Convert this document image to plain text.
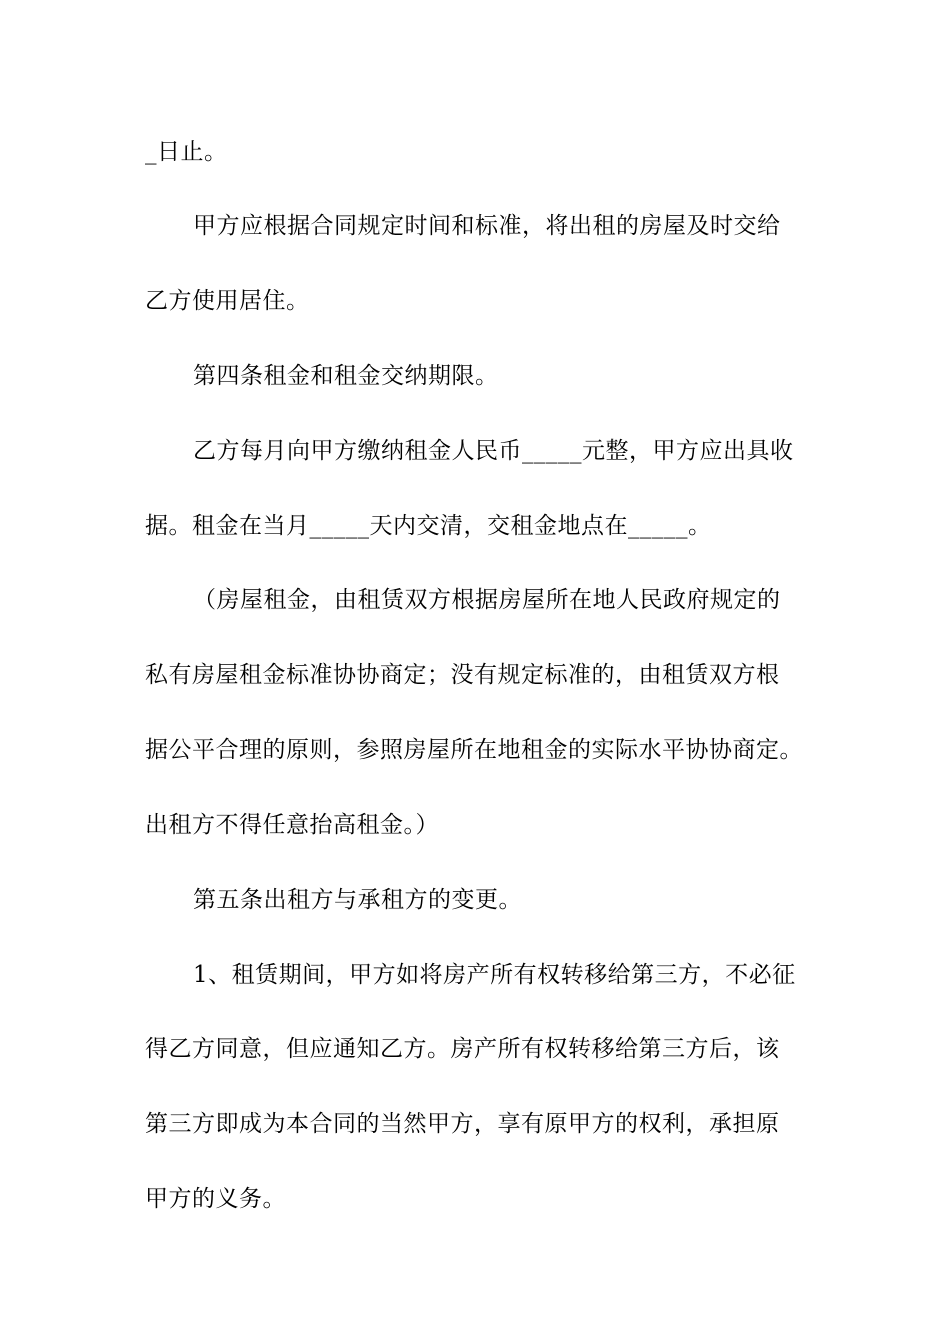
_日止。
甲方应根据合同规定时间和标准，将出租的房屋及时交给
乙方使用居住。
第四条租金和租金交纳期限。
乙方每月向甲方缴纳租金人民币_____元整，甲方应出具收
据。租金在当月_____天内交清，交租金地点在_____。
（房屋租金，由租赁双方根据房屋所在地人民政府规定的
私有房屋租金标准协协商定；没有规定标准的，由租赁双方根
据公平合理的原则，参照房屋所在地租金的实际水平协协商定。
出租方不得任意抬高租金。）
第五条出租方与承租方的变更。
1、租赁期间，甲方如将房产所有权转移给第三方，不必征
得乙方同意，但应通知乙方。房产所有权转移给第三方后，该
第三方即成为本合同的当然甲方，享有原甲方的权利，承担原
甲方的义务。
